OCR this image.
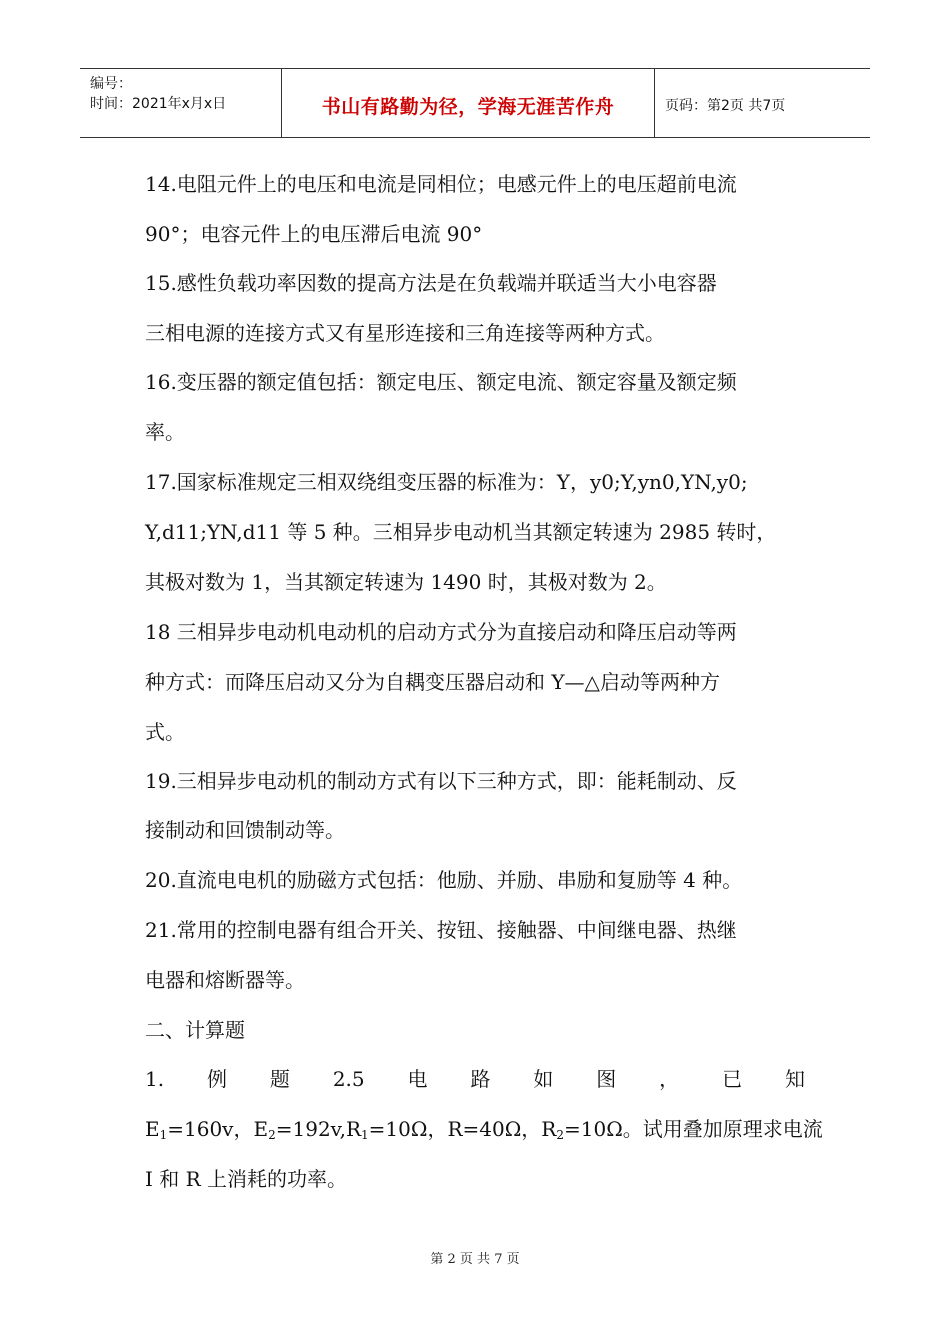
编号：
时间：2021年x月x日	书山有路勤为径，学海无涯苦作舟	页码：第2页 共7页
14.电阻元件上的电压和电流是同相位；电感元件上的电压超前电流
90°；电容元件上的电压滞后电流 90°
15.感性负载功率因数的提高方法是在负载端并联适当大小电容器
三相电源的连接方式又有星形连接和三角连接等两种方式。
16.变压器的额定值包括：额定电压、额定电流、额定容量及额定频
率。
17.国家标准规定三相双绕组变压器的标准为：Y，y0;Y,yn0,YN,y0;
Y,d11;YN,d11 等 5 种。三相异步电动机当其额定转速为 2985 转时，
其极对数为 1，当其额定转速为 1490 时，其极对数为 2。
18 三相异步电动机电动机的启动方式分为直接启动和降压启动等两
种方式：而降压启动又分为自耦变压器启动和 Y—△启动等两种方
式。
19.三相异步电动机的制动方式有以下三种方式，即：能耗制动、反
接制动和回馈制动等。
20.直流电电机的励磁方式包括：他励、并励、串励和复励等 4 种。
21.常用的控制电器有组合开关、按钮、接触器、中间继电器、热继
电器和熔断器等。
二、计算题
1. 例 题 2.5 电 路 如 图 ， 已 知
$E_1=160v$，$E_2=192v,R_1=10\Omega$，R=40Ω，$R_2=10\Omega$。试用叠加原理求电流
I 和 R 上消耗的功率。
第 2 页 共 7 页
